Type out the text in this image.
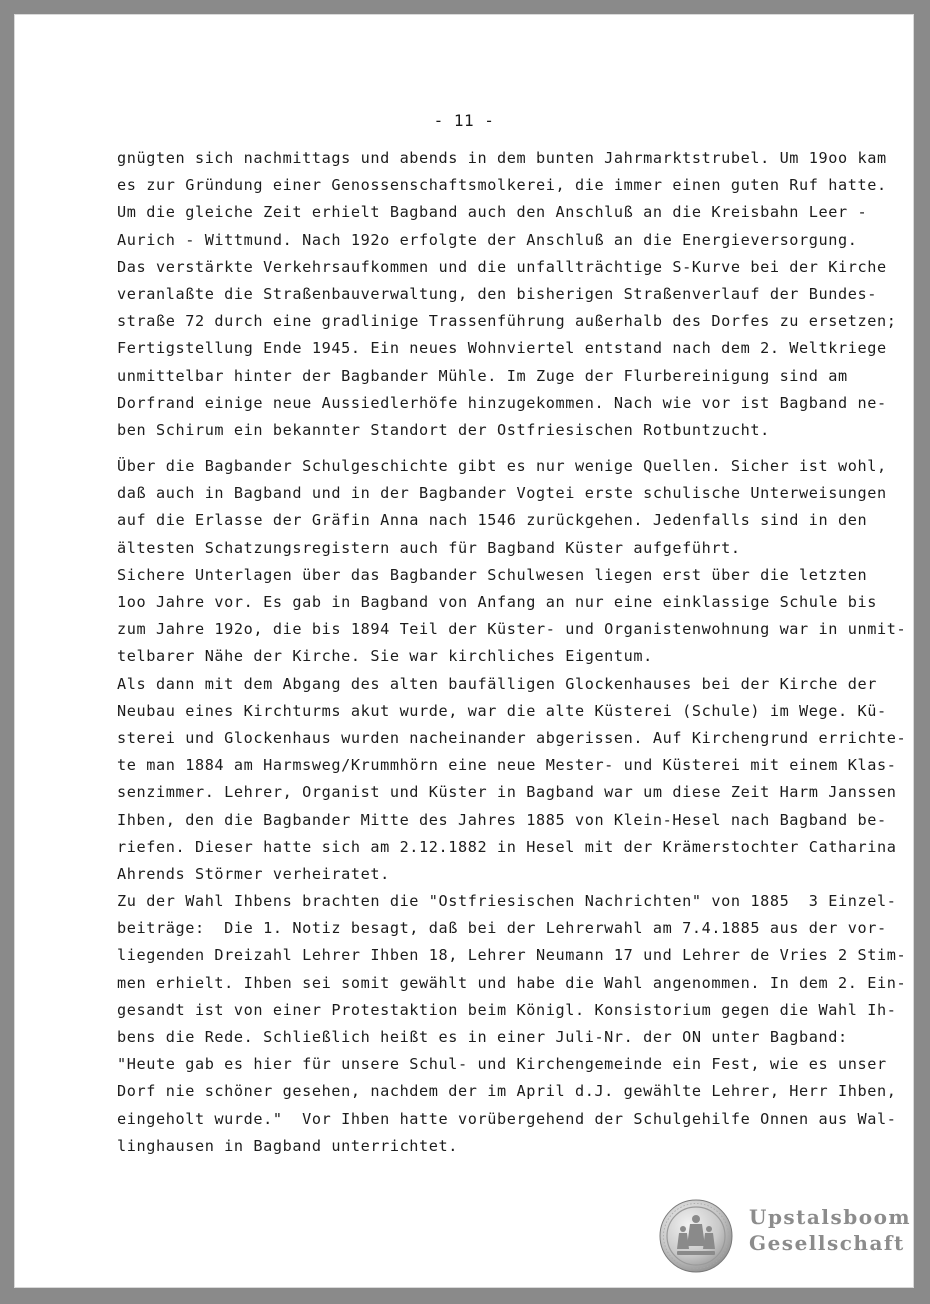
- 11 -
gnügten sich nachmittags und abends in dem bunten Jahrmarktstrubel. Um 19oo kam
es zur Gründung einer Genossenschaftsmolkerei, die immer einen guten Ruf hatte.
Um die gleiche Zeit erhielt Bagband auch den Anschluß an die Kreisbahn Leer -
Aurich - Wittmund. Nach 192o erfolgte der Anschluß an die Energieversorgung.
Das verstärkte Verkehrsaufkommen und die unfallträchtige S-Kurve bei der Kirche
veranlaßte die Straßenbauverwaltung, den bisherigen Straßenverlauf der Bundes-
straße 72 durch eine gradlinige Trassenführung außerhalb des Dorfes zu ersetzen;
Fertigstellung Ende 1945. Ein neues Wohnviertel entstand nach dem 2. Weltkriege
unmittelbar hinter der Bagbander Mühle. Im Zuge der Flurbereinigung sind am
Dorfrand einige neue Aussiedlerhöfe hinzugekommen. Nach wie vor ist Bagband ne-
ben Schirum ein bekannter Standort der Ostfriesischen Rotbuntzucht.
Über die Bagbander Schulgeschichte gibt es nur wenige Quellen. Sicher ist wohl,
daß auch in Bagband und in der Bagbander Vogtei erste schulische Unterweisungen
auf die Erlasse der Gräfin Anna nach 1546 zurückgehen. Jedenfalls sind in den
ältesten Schatzungsregistern auch für Bagband Küster aufgeführt.
Sichere Unterlagen über das Bagbander Schulwesen liegen erst über die letzten
1oo Jahre vor. Es gab in Bagband von Anfang an nur eine einklassige Schule bis
zum Jahre 192o, die bis 1894 Teil der Küster- und Organistenwohnung war in unmit-
telbarer Nähe der Kirche. Sie war kirchliches Eigentum.
Als dann mit dem Abgang des alten baufälligen Glockenhauses bei der Kirche der
Neubau eines Kirchturms akut wurde, war die alte Küsterei (Schule) im Wege. Kü-
sterei und Glockenhaus wurden nacheinander abgerissen. Auf Kirchengrund errichte-
te man 1884 am Harmsweg/Krummhörn eine neue Mester- und Küsterei mit einem Klas-
senzimmer. Lehrer, Organist und Küster in Bagband war um diese Zeit Harm Janssen
Ihben, den die Bagbander Mitte des Jahres 1885 von Klein-Hesel nach Bagband be-
riefen. Dieser hatte sich am 2.12.1882 in Hesel mit der Krämerstochter Catharina
Ahrends Störmer verheiratet.
Zu der Wahl Ihbens brachten die "Ostfriesischen Nachrichten" von 1885  3 Einzel-
beiträge:  Die 1. Notiz besagt, daß bei der Lehrerwahl am 7.4.1885 aus der vor-
liegenden Dreizahl Lehrer Ihben 18, Lehrer Neumann 17 und Lehrer de Vries 2 Stim-
men erhielt. Ihben sei somit gewählt und habe die Wahl angenommen. In dem 2. Ein-
gesandt ist von einer Protestaktion beim Königl. Konsistorium gegen die Wahl Ih-
bens die Rede. Schließlich heißt es in einer Juli-Nr. der ON unter Bagband:
"Heute gab es hier für unsere Schul- und Kirchengemeinde ein Fest, wie es unser
Dorf nie schöner gesehen, nachdem der im April d.J. gewählte Lehrer, Herr Ihben,
eingeholt wurde."  Vor Ihben hatte vorübergehend der Schulgehilfe Onnen aus Wal-
linghausen in Bagband unterrichtet.
Upstalsboom
Gesellschaft
